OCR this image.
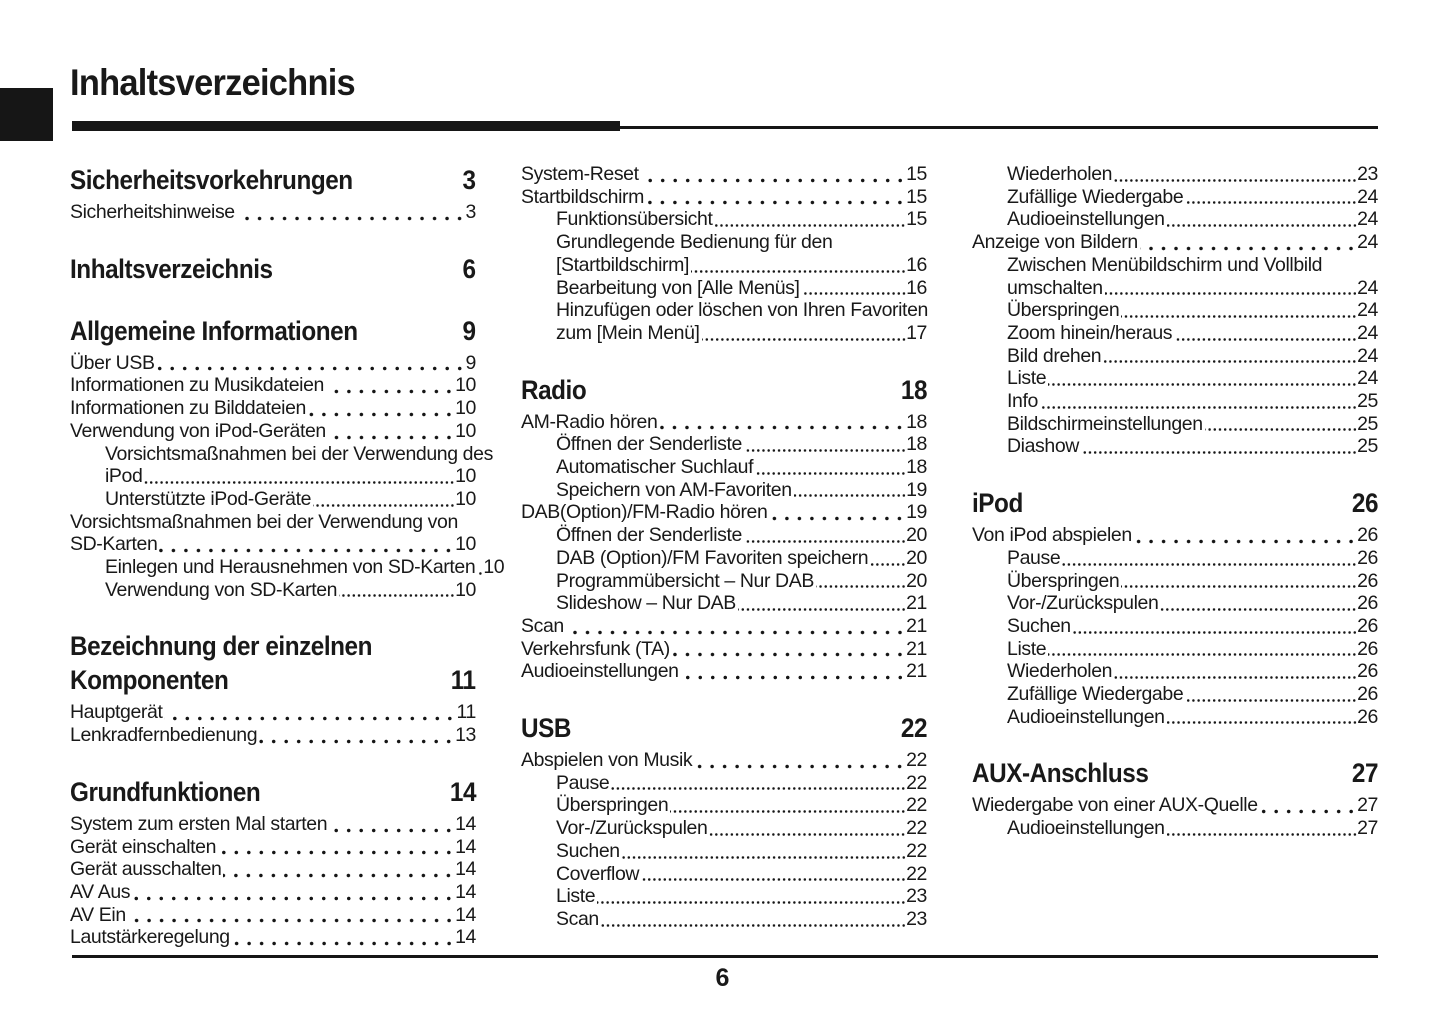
Inhaltsverzeichnis
Sicherheitsvorkehrungen	3
Sicherheitshinweise	3
Inhaltsverzeichnis	6
Allgemeine Informationen	9
Über USB	9
Informationen zu Musikdateien	10
Informationen zu Bilddateien	10
Verwendung von iPod-Geräten	10
Vorsichtsmaßnahmen bei der Verwendung des
iPod	10
Unterstützte iPod-Geräte	10
Vorsichtsmaßnahmen bei der Verwendung von
SD-Karten	10
Einlegen und Herausnehmen von SD-Karten 10
Verwendung von SD-Karten	10
Bezeichnung der einzelnen
Komponenten	11
Hauptgerät	11
Lenkradfernbedienung	13
Grundfunktionen	14
System zum ersten Mal starten	14
Gerät einschalten	14
Gerät ausschalten	14
AV Aus	14
AV Ein	14
Lautstärkeregelung	14
System-Reset	15
Startbildschirm	15
Funktionsübersicht	15
Grundlegende Bedienung für den
[Startbildschirm]	16
Bearbeitung von [Alle Menüs]	16
Hinzufügen oder löschen von Ihren Favoriten
zum [Mein Menü]	17
Radio	18
AM-Radio hören	18
Öffnen der Senderliste	18
Automatischer Suchlauf	18
Speichern von AM-Favoriten	19
DAB(Option)/FM-Radio hören	19
Öffnen der Senderliste	20
DAB (Option)/FM Favoriten speichern 20
Programmübersicht – Nur DAB	20
Slideshow – Nur DAB	21
Scan	21
Verkehrsfunk (TA)	21
Audioeinstellungen	21
USB	22
Abspielen von Musik	22
Pause	22
Überspringen	22
Vor-/Zurückspulen	22
Suchen	22
Coverflow	22
Liste	23
Scan	23
Wiederholen	23
Zufällige Wiedergabe	24
Audioeinstellungen	24
Anzeige von Bildern	24
Zwischen Menübildschirm und Vollbild
umschalten	24
Überspringen	24
Zoom hinein/heraus	24
Bild drehen	24
Liste	24
Info	25
Bildschirmeinstellungen	25
Diashow	25
iPod	26
Von iPod abspielen	26
Pause	26
Überspringen	26
Vor-/Zurückspulen	26
Suchen	26
Liste	26
Wiederholen	26
Zufällige Wiedergabe	26
Audioeinstellungen	26
AUX-Anschluss	27
Wiedergabe von einer AUX-Quelle	27
Audioeinstellungen	27
6
